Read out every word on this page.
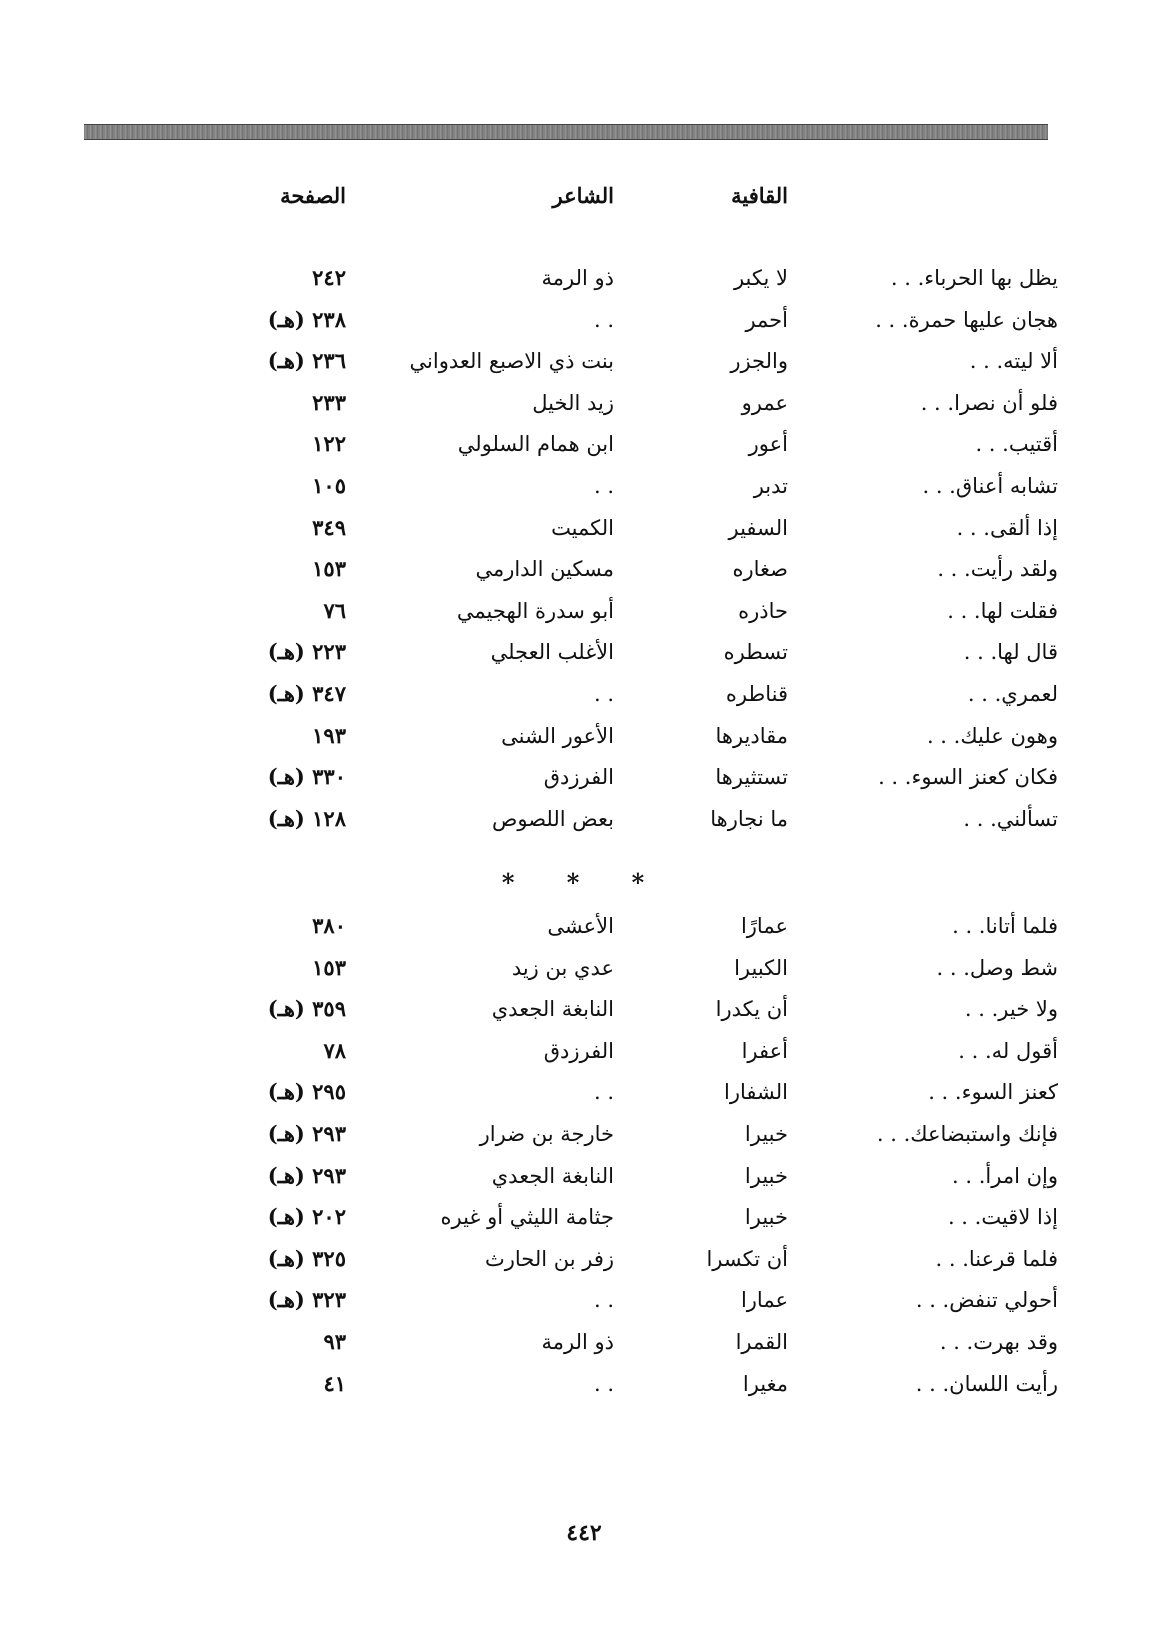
القافية
الشاعر
الصفحة
يظل بها الحرباء. . .
لا يكبر
ذو الرمة
٢٤٢
هجان عليها حمرة. . .
أحمر
. .
٢٣٨ (هـ)
ألا ليته. . .
والجزر
بنت ذي الاصبع العدواني
٢٣٦ (هـ)
فلو أن نصرا. . .
عمرو
زيد الخيل
٢٣٣
أقتيب. . .
أعور
ابن همام السلولي
١٢٢
تشابه أعناق. . .
تدبر
. .
١٠٥
إذا ألقى. . .
السفير
الكميت
٣٤٩
ولقد رأيت. . .
صغاره
مسكين الدارمي
١٥٣
فقلت لها. . .
حاذره
أبو سدرة الهجيمي
٧٦
قال لها. . .
تسطره
الأغلب العجلي
٢٢٣ (هـ)
لعمري. . .
قناطره
. .
٣٤٧ (هـ)
وهون عليك. . .
مقاديرها
الأعور الشنى
١٩٣
فكان كعنز السوء. . .
تستثيرها
الفرزدق
٣٣٠ (هـ)
تسألني. . .
ما نجارها
بعض اللصوص
١٢٨ (هـ)
* * *
فلما أتانا. . .
عمارًا
الأعشى
٣٨٠
شط وصل. . .
الكبيرا
عدي بن زيد
١٥٣
ولا خير. . .
أن يكدرا
النابغة الجعدي
٣٥٩ (هـ)
أقول له. . .
أعفرا
الفرزدق
٧٨
كعنز السوء. . .
الشفارا
. .
٢٩٥ (هـ)
فإنك واستبضاعك. . .
خبيرا
خارجة بن ضرار
٢٩٣ (هـ)
وإن امرأ. . .
خبيرا
النابغة الجعدي
٢٩٣ (هـ)
إذا لاقيت. . .
خبيرا
جثامة الليثي أو غيره
٢٠٢ (هـ)
فلما قرعنا. . .
أن تكسرا
زفر بن الحارث
٣٢٥ (هـ)
أحولي تنفض. . .
عمارا
. .
٣٢٣ (هـ)
وقد بهرت. . .
القمرا
ذو الرمة
٩٣
رأيت اللسان. . .
مغيرا
. .
٤١
٤٤٢
